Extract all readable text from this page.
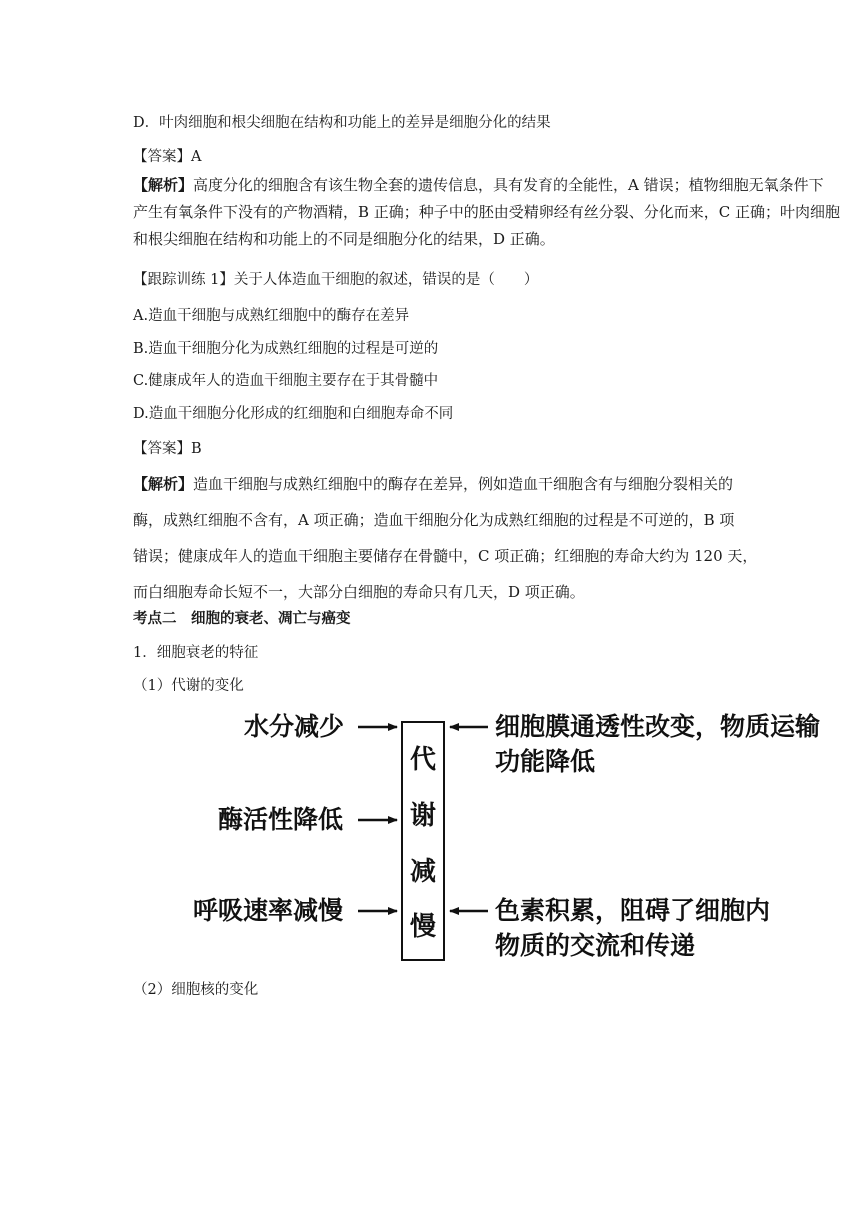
D．叶肉细胞和根尖细胞在结构和功能上的差异是细胞分化的结果
【答案】A
【解析】高度分化的细胞含有该生物全套的遗传信息，具有发育的全能性，A 错误；植物细胞无氧条件下
产生有氧条件下没有的产物酒精，B 正确；种子中的胚由受精卵经有丝分裂、分化而来，C 正确；叶肉细胞
和根尖细胞在结构和功能上的不同是细胞分化的结果，D 正确。
【跟踪训练 1】关于人体造血干细胞的叙述，错误的是（　　）
A.造血干细胞与成熟红细胞中的酶存在差异
B.造血干细胞分化为成熟红细胞的过程是可逆的
C.健康成年人的造血干细胞主要存在于其骨髓中
D.造血干细胞分化形成的红细胞和白细胞寿命不同
【答案】B
【解析】造血干细胞与成熟红细胞中的酶存在差异，例如造血干细胞含有与细胞分裂相关的
酶，成熟红细胞不含有，A 项正确；造血干细胞分化为成熟红细胞的过程是不可逆的，B 项
错误；健康成年人的造血干细胞主要储存在骨髓中，C 项正确；红细胞的寿命大约为 120 天，
而白细胞寿命长短不一，大部分白细胞的寿命只有几天，D 项正确。
考点二　细胞的衰老、凋亡与癌变
1．细胞衰老的特征
（1）代谢的变化
水分减少
酶活性降低
呼吸速率减慢
代
谢
减
慢
细胞膜通透性改变，物质运输
功能降低
色素积累，阻碍了细胞内
物质的交流和传递
（2）细胞核的变化
